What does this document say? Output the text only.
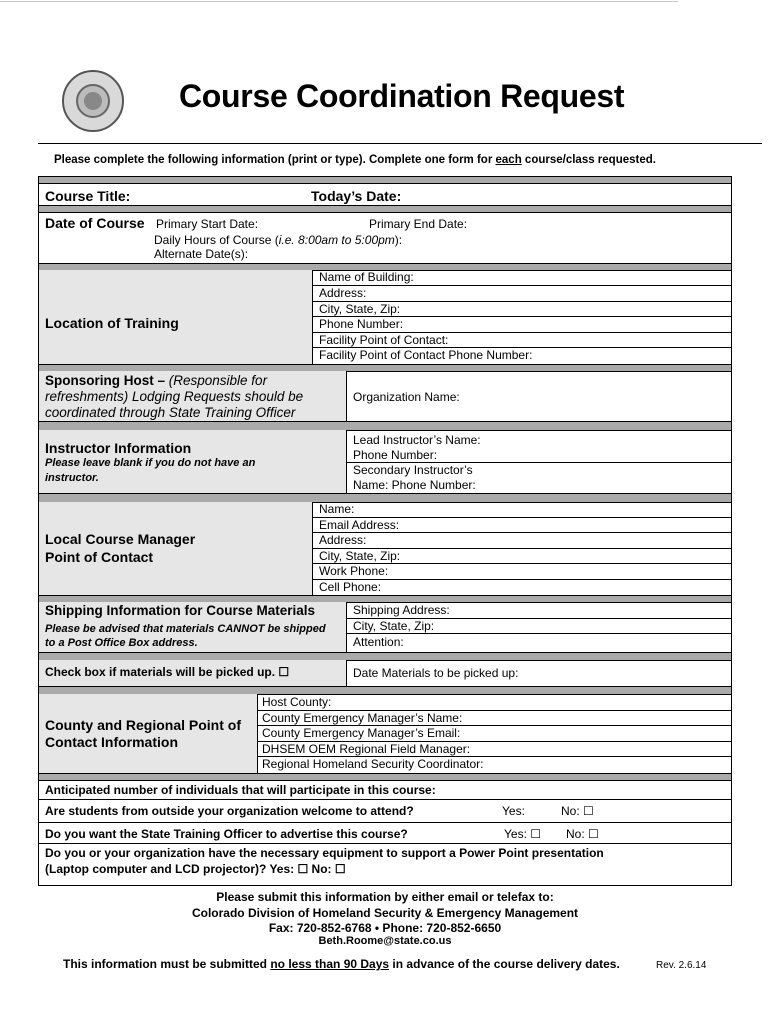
Course Coordination Request
Please complete the following information (print or type). Complete one form for each course/class requested.
Course Title:	Today’s Date:
Date of Course Primary Start Date:	Primary End Date:
Daily Hours of Course (i.e. 8:00am to 5:00pm):
Alternate Date(s):
Location of Training
Name of Building:
Address:
City, State, Zip:
Phone Number:
Facility Point of Contact:
Facility Point of Contact Phone Number:
Sponsoring Host – (Responsible for
refreshments) Lodging Requests should be
coordinated through State Training Officer
Organization Name:
Instructor Information
Please leave blank if you do not have an
instructor.
Lead Instructor’s Name:
Phone Number:
Secondary Instructor’s
Name: Phone Number:
Local Course Manager
Point of Contact
Name:
Email Address:
Address:
City, State, Zip:
Work Phone:
Cell Phone:
Shipping Information for Course Materials
Please be advised that materials CANNOT be shipped
to a Post Office Box address.
Shipping Address:
City, State, Zip:
Attention:
Check box if materials will be picked up. ☐	Date Materials to be picked up:
County and Regional Point of
Contact Information
Host County:
County Emergency Manager’s Name:
County Emergency Manager’s Email:
DHSEM OEM Regional Field Manager:
Regional Homeland Security Coordinator:
Anticipated number of individuals that will participate in this course:
Are students from outside your organization welcome to attend?	Yes:	No: ☐
Do you want the State Training Officer to advertise this course?	Yes: ☐ No: ☐
Do you or your organization have the necessary equipment to support a Power Point presentation
(Laptop computer and LCD projector)? Yes: ☐ No: ☐
Please submit this information by either email or telefax to:
Colorado Division of Homeland Security & Emergency Management
Fax: 720-852-6768 • Phone: 720-852-6650
Beth.Roome@state.co.us
This information must be submitted no less than 90 Days in advance of the course delivery dates.	Rev. 2.6.14
